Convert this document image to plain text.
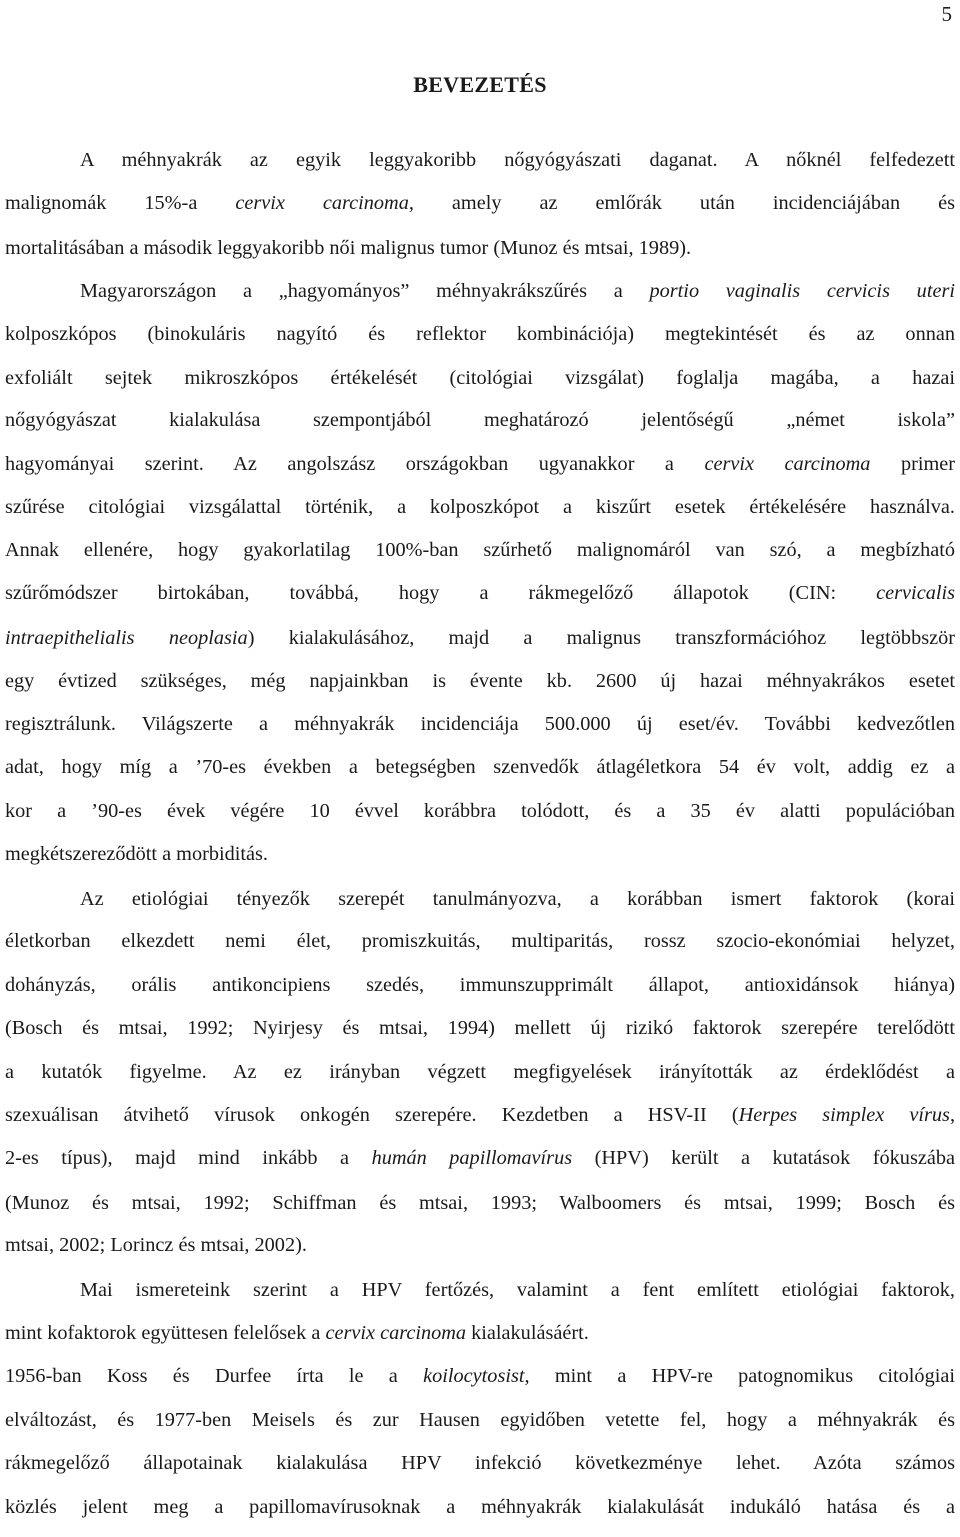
5
BEVEZETÉS
A méhnyakrák az egyik leggyakoribb nőgyógyászati daganat. A nőknél felfedezett
malignomák 15%-a cervix carcinoma, amely az emlőrák után incidenciájában és
mortalitásában a második leggyakoribb női malignus tumor (Munoz és mtsai, 1989).
Magyarországon a „hagyományos” méhnyakrákszűrés a portio vaginalis cervicis uteri
kolposzkópos (binokuláris nagyító és reflektor kombinációja) megtekintését és az onnan
exfoliált sejtek mikroszkópos értékelését (citológiai vizsgálat) foglalja magába, a hazai
nőgyógyászat kialakulása szempontjából meghatározó jelentőségű „német iskola”
hagyományai szerint. Az angolszász országokban ugyanakkor a cervix carcinoma primer
szűrése citológiai vizsgálattal történik, a kolposzkópot a kiszűrt esetek értékelésére használva.
Annak ellenére, hogy gyakorlatilag 100%-ban szűrhető malignomáról van szó, a megbízható
szűrőmódszer birtokában, továbbá, hogy a rákmegelőző állapotok (CIN: cervicalis
intraepithelialis neoplasia) kialakulásához, majd a malignus transzformációhoz legtöbbször
egy évtized szükséges, még napjainkban is évente kb. 2600 új hazai méhnyakrákos esetet
regisztrálunk. Világszerte a méhnyakrák incidenciája 500.000 új eset/év. További kedvezőtlen
adat, hogy míg a ’70-es években a betegségben szenvedők átlagéletkora 54 év volt, addig ez a
kor a ’90-es évek végére 10 évvel korábbra tolódott, és a 35 év alatti populációban
megkétszereződött a morbiditás.
Az etiológiai tényezők szerepét tanulmányozva, a korábban ismert faktorok (korai
életkorban elkezdett nemi élet, promiszkuitás, multiparitás, rossz szocio-ekonómiai helyzet,
dohányzás, orális antikoncipiens szedés, immunszupprimált állapot, antioxidánsok hiánya)
(Bosch és mtsai, 1992; Nyirjesy és mtsai, 1994) mellett új rizikó faktorok szerepére terelődött
a kutatók figyelme. Az ez irányban végzett megfigyelések irányították az érdeklődést a
szexuálisan átvihető vírusok onkogén szerepére. Kezdetben a HSV-II (Herpes simplex vírus,
2-es típus), majd mind inkább a humán papillomavírus (HPV) került a kutatások fókuszába
(Munoz és mtsai, 1992; Schiffman és mtsai, 1993; Walboomers és mtsai, 1999; Bosch és
mtsai, 2002; Lorincz és mtsai, 2002).
Mai ismereteink szerint a HPV fertőzés, valamint a fent említett etiológiai faktorok,
mint kofaktorok együttesen felelősek a cervix carcinoma kialakulásáért.
1956-ban Koss és Durfee írta le a koilocytosist, mint a HPV-re patognomikus citológiai
elváltozást, és 1977-ben Meisels és zur Hausen egyidőben vetette fel, hogy a méhnyakrák és
rákmegelőző állapotainak kialakulása HPV infekció következménye lehet. Azóta számos
közlés jelent meg a papillomavírusoknak a méhnyakrák kialakulását indukáló hatása és a
